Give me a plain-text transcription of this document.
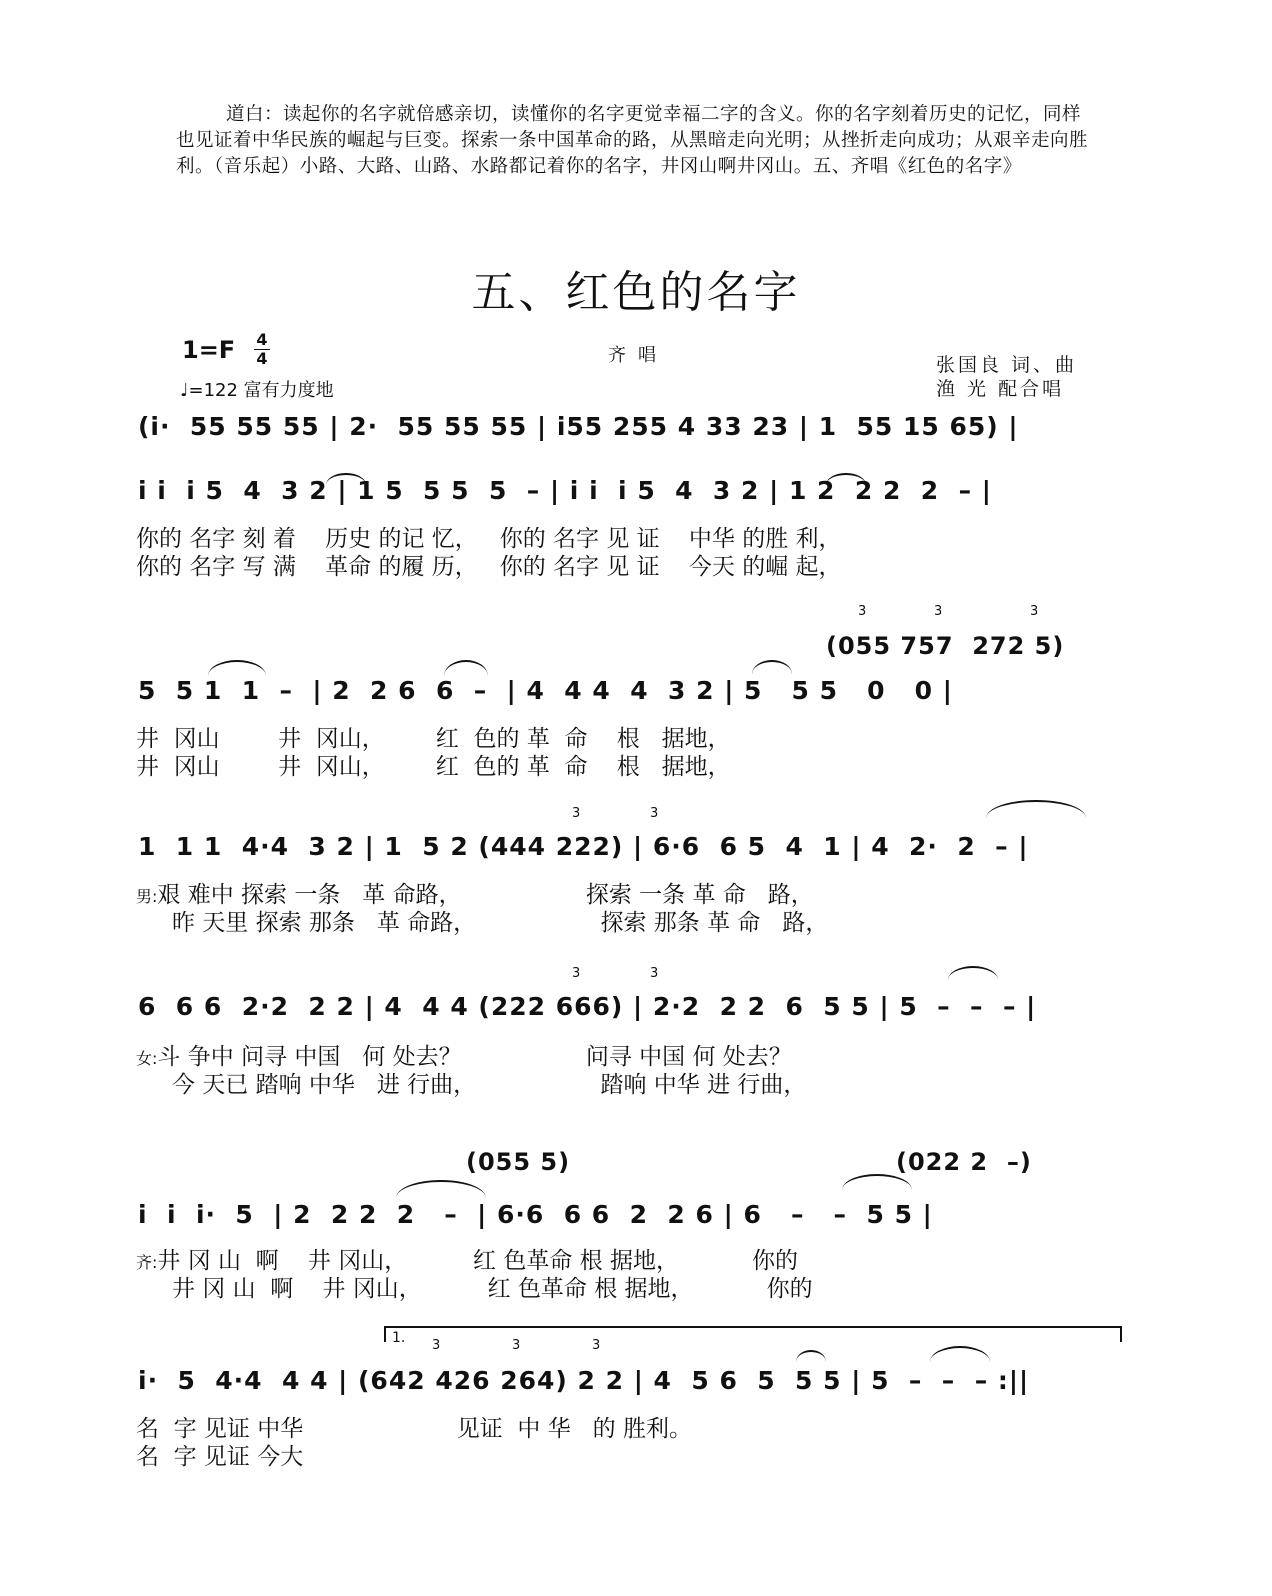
道白：读起你的名字就倍感亲切，读懂你的名字更觉幸福二字的含义。你的名字刻着历史的记忆，同样也见证着中华民族的崛起与巨变。探索一条中国革命的路，从黑暗走向光明；从挫折走向成功；从艰辛走向胜利。（音乐起）小路、大路、山路、水路都记着你的名字，井冈山啊井冈山。五、齐唱《红色的名字》
五、红色的名字
1=F 4
4
♩=122 富有力度地
齐唱	张国良 词、曲
渔 光 配合唱
(i·  55 55 55 | 2·  55 55 55 | i55 255 4 33 23 | 1  55 15 65) |
i i  i 5  4  3 2 | 1 5  5 5  5  – | i i  i 5  4  3 2 | 1 2  2 2  2  – |
你的 名字 刻 着    历史 的记 忆，   你的 名字 见 证    中华 的胜 利，
你的 名字 写 满    革命 的履 历，   你的 名字 见 证    今天 的崛 起，
(055 757  272 5)
3	3	3
5  5 1  1  –  | 2  2 6  6  –  | 4  4 4  4  3 2 | 5   5 5   0   0 |
井  冈山        井  冈山，       红  色的 革  命    根   据地，
井  冈山        井  冈山，       红  色的 革  命    根   据地，
3	3
1  1 1  4·4  3 2 | 1  5 2 (444 222) | 6·6  6 5  4  1 | 4  2·  2  – |
男:艰 难中 探索 一条   革 命路，                 探索 一条 革 命   路，
昨 天里 探索 那条   革 命路，                 探索 那条 革 命   路，
3	3
6  6 6  2·2  2 2 | 4  4 4 (222 666) | 2·2  2 2  6  5 5 | 5  –  –  – |
女:斗 争中 问寻 中国   何 处去？                 问寻 中国 何 处去？
今 天已 踏响 中华   进 行曲，                 踏响 中华 进 行曲，
(055 5)	(022 2  –)
i  i  i·  5  | 2  2 2  2   –  | 6·6  6 6  2  2 6 | 6   –   –  5 5 |
齐:井 冈 山  啊    井 冈山，         红 色革命 根 据地，          你的
井 冈 山  啊    井 冈山，         红 色革命 根 据地，          你的
1. 3	3	3
i·  5  4·4  4 4 | (642 426 264) 2 2 | 4  5 6  5  5 5 | 5  –  –  – :||
名  字 见证 中华                     见证  中 华   的 胜利。
名  字 见证 今大
